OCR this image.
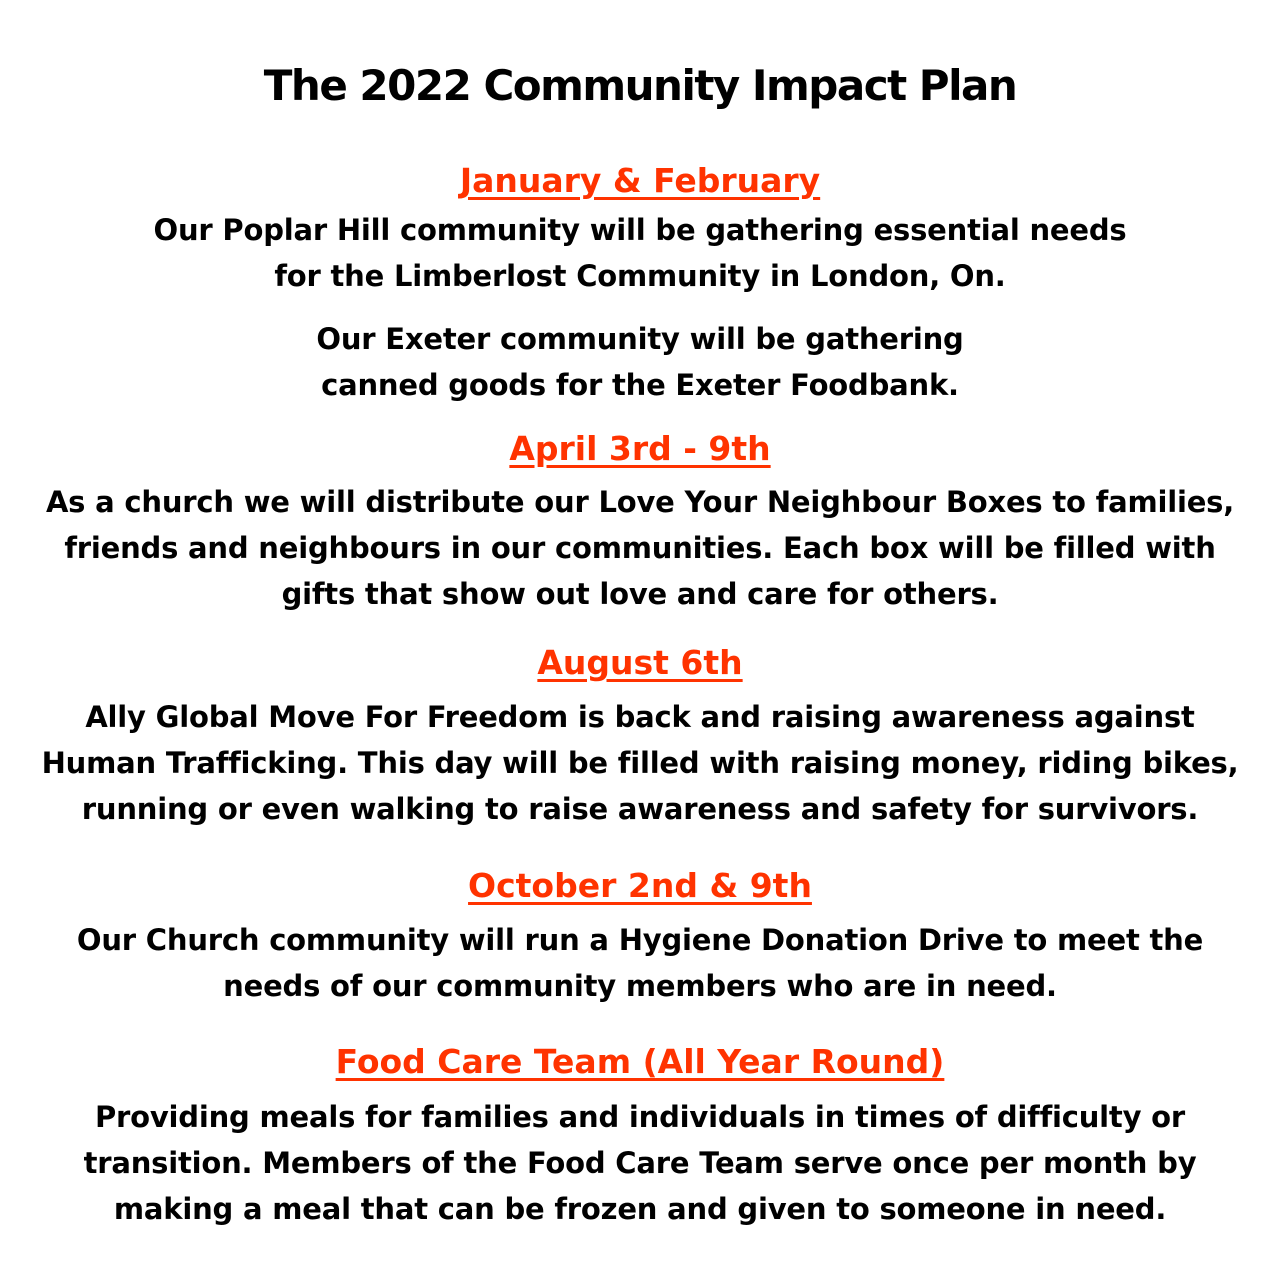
The 2022 Community Impact Plan
January & February

Our Poplar Hill community will be gathering essential needs
for the Limberlost Community in London, On.

Our Exeter community will be gathering
canned goods for the Exeter Foodbank.

April 3rd - 9th

As a church we will distribute our Love Your Neighbour Boxes to families,
friends and neighbours in our communities. Each box will be filled with
gifts that show out love and care for others.

August 6th

Ally Global Move For Freedom is back and raising awareness against
Human Trafficking. This day will be filled with raising money, riding bikes,
running or even walking to raise awareness and safety for survivors.

October 2nd & 9th

Our Church community will run a Hygiene Donation Drive to meet the
needs of our community members who are in need.

Food Care Team (All Year Round)

Providing meals for families and individuals in times of difficulty or
transition. Members of the Food Care Team serve once per month by
making a meal that can be frozen and given to someone in need.
